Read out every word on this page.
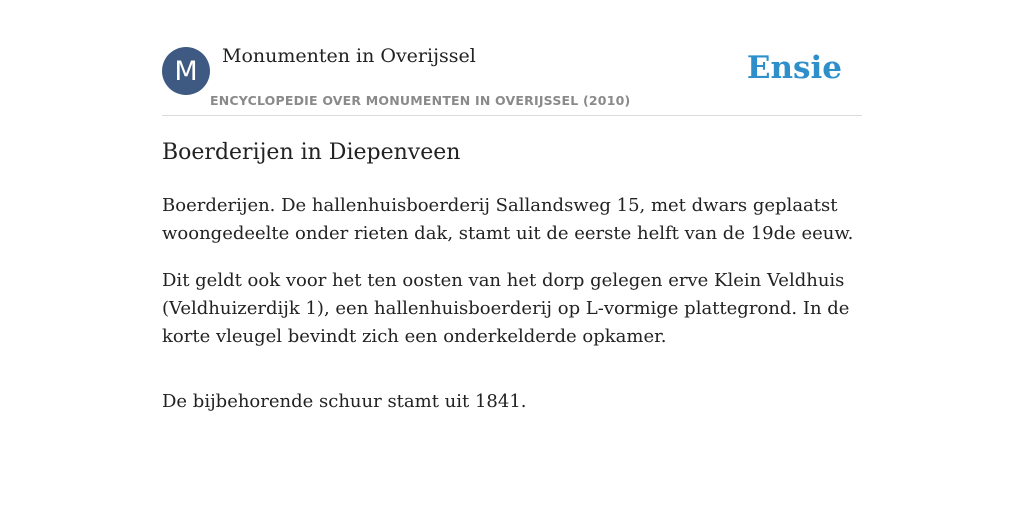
M	Monumenten in Overijssel
ENCYCLOPEDIE OVER MONUMENTEN IN OVERIJSSEL (2010)
Ensie
Boerderijen in Diepenveen

Boerderijen. De hallenhuisboerderij Sallandsweg 15, met dwars geplaatst woongedeelte onder rieten dak, stamt uit de eerste helft van de 19de eeuw.

Dit geldt ook voor het ten oosten van het dorp gelegen erve Klein Veldhuis (Veldhuizerdijk 1), een hallenhuisboerderij op L-vormige plattegrond. In de korte vleugel bevindt zich een onderkelderde opkamer.

De bijbehorende schuur stamt uit 1841.
